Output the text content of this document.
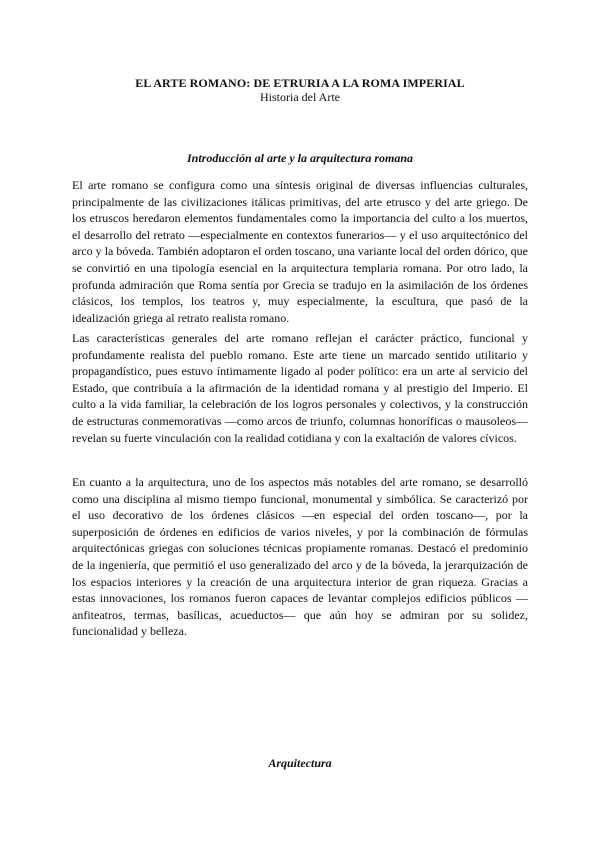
EL ARTE ROMANO: DE ETRURIA A LA ROMA IMPERIAL
Historia del Arte
Introducción al arte y la arquitectura romana

El arte romano se configura como una síntesis original de diversas influencias culturales, principalmente de las civilizaciones itálicas primitivas, del arte etrusco y del arte griego. De los etruscos heredaron elementos fundamentales como la importancia del culto a los muertos, el desarrollo del retrato —especialmente en contextos funerarios— y el uso arquitectónico del arco y la bóveda. También adoptaron el orden toscano, una variante local del orden dórico, que se convirtió en una tipología esencial en la arquitectura templaria romana. Por otro lado, la profunda admiración que Roma sentía por Grecia se tradujo en la asimilación de los órdenes clásicos, los templos, los teatros y, muy especialmente, la escultura, que pasó de la idealización griega al retrato realista romano.

Las características generales del arte romano reflejan el carácter práctico, funcional y profundamente realista del pueblo romano. Este arte tiene un marcado sentido utilitario y propagandístico, pues estuvo íntimamente ligado al poder político: era un arte al servicio del Estado, que contribuía a la afirmación de la identidad romana y al prestigio del Imperio. El culto a la vida familiar, la celebración de los logros personales y colectivos, y la construcción de estructuras conmemorativas —como arcos de triunfo, columnas honoríficas o mausoleos— revelan su fuerte vinculación con la realidad cotidiana y con la exaltación de valores cívicos.

En cuanto a la arquitectura, uno de los aspectos más notables del arte romano, se desarrolló como una disciplina al mismo tiempo funcional, monumental y simbólica. Se caracterizó por el uso decorativo de los órdenes clásicos —en especial del orden toscano—, por la superposición de órdenes en edificios de varios niveles, y por la combinación de fórmulas arquitectónicas griegas con soluciones técnicas propiamente romanas. Destacó el predominio de la ingeniería, que permitió el uso generalizado del arco y de la bóveda, la jerarquización de los espacios interiores y la creación de una arquitectura interior de gran riqueza. Gracias a estas innovaciones, los romanos fueron capaces de levantar complejos edificios públicos —anfiteatros, termas, basílicas, acueductos— que aún hoy se admiran por su solidez, funcionalidad y belleza.

Arquitectura
